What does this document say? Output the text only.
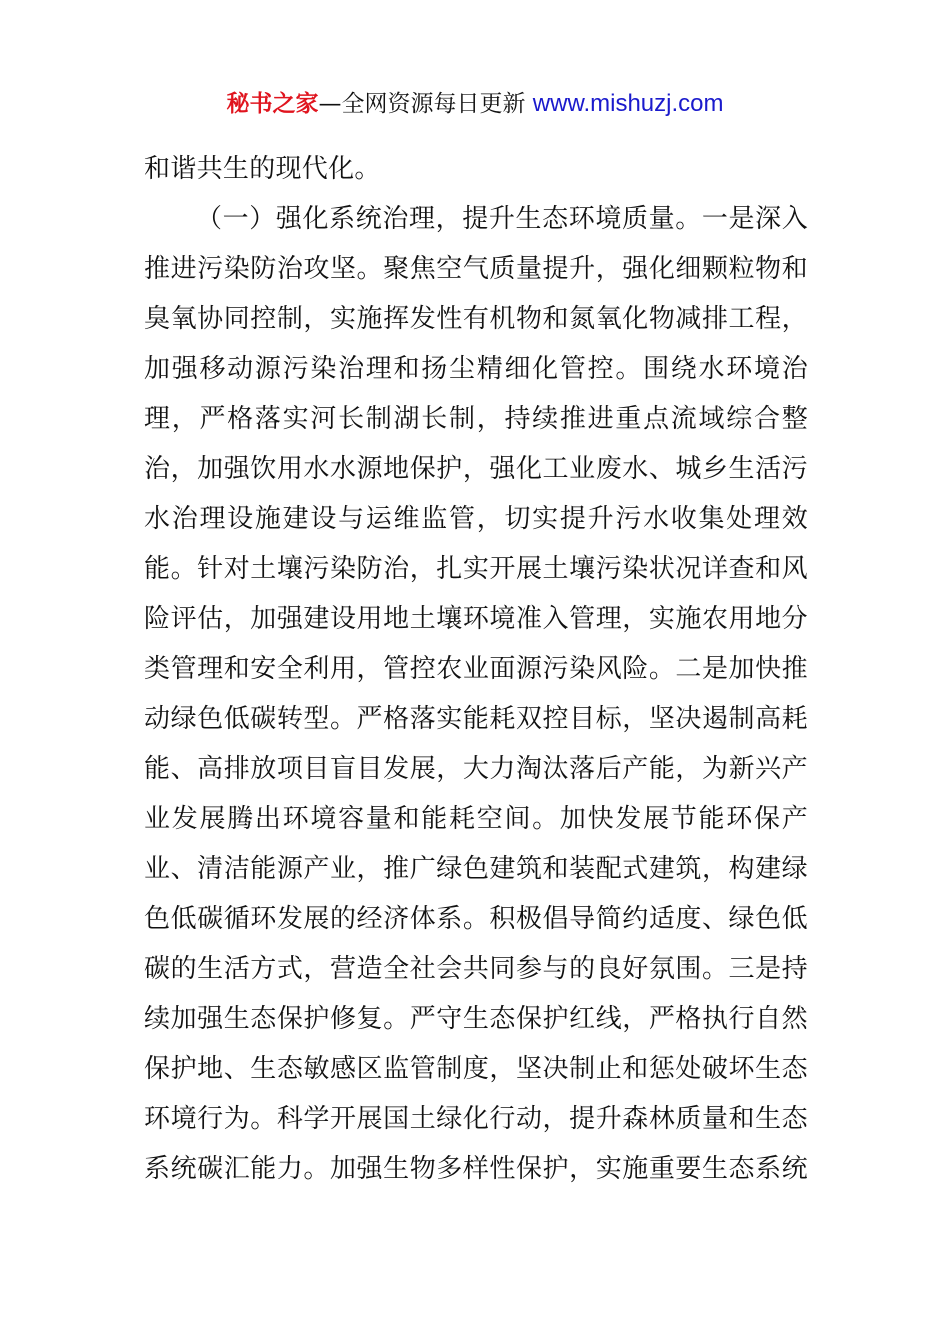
秘书之家—全网资源每日更新 www.mishuzj.com
和谐共生的现代化。
（一）强化系统治理，提升生态环境质量。一是深入
推进污染防治攻坚。聚焦空气质量提升，强化细颗粒物和
臭氧协同控制，实施挥发性有机物和氮氧化物减排工程，
加强移动源污染治理和扬尘精细化管控。围绕水环境治
理，严格落实河长制湖长制，持续推进重点流域综合整
治，加强饮用水水源地保护，强化工业废水、城乡生活污
水治理设施建设与运维监管，切实提升污水收集处理效
能。针对土壤污染防治，扎实开展土壤污染状况详查和风
险评估，加强建设用地土壤环境准入管理，实施农用地分
类管理和安全利用，管控农业面源污染风险。二是加快推
动绿色低碳转型。严格落实能耗双控目标，坚决遏制高耗
能、高排放项目盲目发展，大力淘汰落后产能，为新兴产
业发展腾出环境容量和能耗空间。加快发展节能环保产
业、清洁能源产业，推广绿色建筑和装配式建筑，构建绿
色低碳循环发展的经济体系。积极倡导简约适度、绿色低
碳的生活方式，营造全社会共同参与的良好氛围。三是持
续加强生态保护修复。严守生态保护红线，严格执行自然
保护地、生态敏感区监管制度，坚决制止和惩处破坏生态
环境行为。科学开展国土绿化行动，提升森林质量和生态
系统碳汇能力。加强生物多样性保护，实施重要生态系统
